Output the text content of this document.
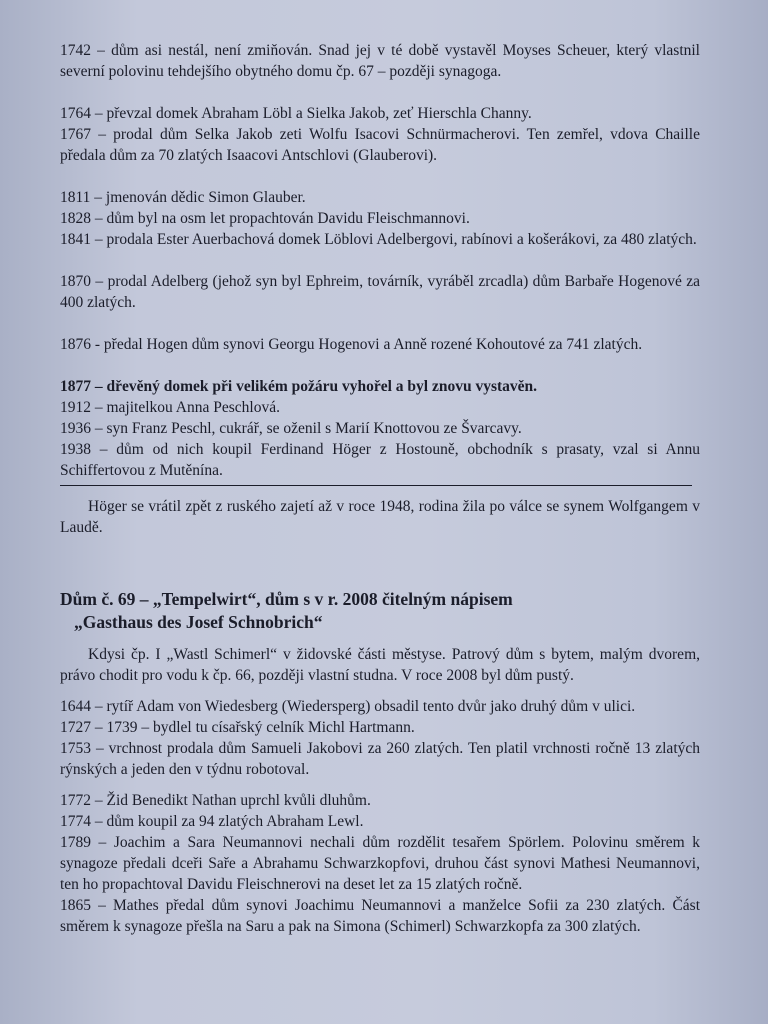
1742 – dům asi nestál, není zmiňován. Snad jej v té době vystavěl Moyses Scheuer, který vlastnil severní polovinu tehdejšího obytného domu čp. 67 – později synagoga.

1764 – převzal domek Abraham Löbl a Sielka Jakob, zeť Hierschla Channy.

1767 – prodal dům Selka Jakob zeti Wolfu Isacovi Schnürmacherovi. Ten zemřel, vdova Chaille předala dům za 70 zlatých Isaacovi Antschlovi (Glauberovi).

1811 – jmenován dědic Simon Glauber.

1828 – dům byl na osm let propachtován Davidu Fleischmannovi.

1841 – prodala Ester Auerbachová domek Löblovi Adelbergovi, rabínovi a košerákovi, za 480 zlatých.

1870 – prodal Adelberg (jehož syn byl Ephreim, továrník, vyráběl zrcadla) dům Barbaře Hogenové za 400 zlatých.

1876 - předal Hogen dům synovi Georgu Hogenovi a Anně rozené Kohoutové za 741 zlatých.

1877 – dřevěný domek při velikém požáru vyhořel a byl znovu vystavěn.

1912 – majitelkou Anna Peschlová.

1936 – syn Franz Peschl, cukrář, se oženil s Marií Knottovou ze Švarcavy.

1938 – dům od nich koupil Ferdinand Höger z Hostouně, obchodník s prasaty, vzal si Annu Schiffertovou z Mutěnína.

Höger se vrátil zpět z ruského zajetí až v roce 1948, rodina žila po válce se synem Wolfgangem v Laudě.

Dům č. 69 – „Tempelwirt“, dům s v r. 2008 čitelným nápisem
„Gasthaus des Josef Schnobrich“

Kdysi čp. I „Wastl Schimerl“ v židovské části městyse. Patrový dům s bytem, malým dvorem, právo chodit pro vodu k čp. 66, později vlastní studna. V roce 2008 byl dům pustý.

1644 – rytíř Adam von Wiedesberg (Wiedersperg) obsadil tento dvůr jako druhý dům v ulici.

1727 – 1739 – bydlel tu císařský celník Michl Hartmann.

1753 – vrchnost prodala dům Samueli Jakobovi za 260 zlatých. Ten platil vrchnosti ročně 13 zlatých rýnských a jeden den v týdnu robotoval.

1772 – Žid Benedikt Nathan uprchl kvůli dluhům.

1774 – dům koupil za 94 zlatých Abraham Lewl.

1789 – Joachim a Sara Neumannovi nechali dům rozdělit tesařem Spörlem. Polovinu směrem k synagoze předali dceři Saře a Abrahamu Schwarzkopfovi, druhou část synovi Mathesi Neumannovi, ten ho propachtoval Davidu Fleischnerovi na deset let za 15 zlatých ročně.

1865 – Mathes předal dům synovi Joachimu Neumannovi a manželce Sofii za 230 zlatých. Část směrem k synagoze přešla na Saru a pak na Simona (Schimerl) Schwarzkopfa za 300 zlatých.
